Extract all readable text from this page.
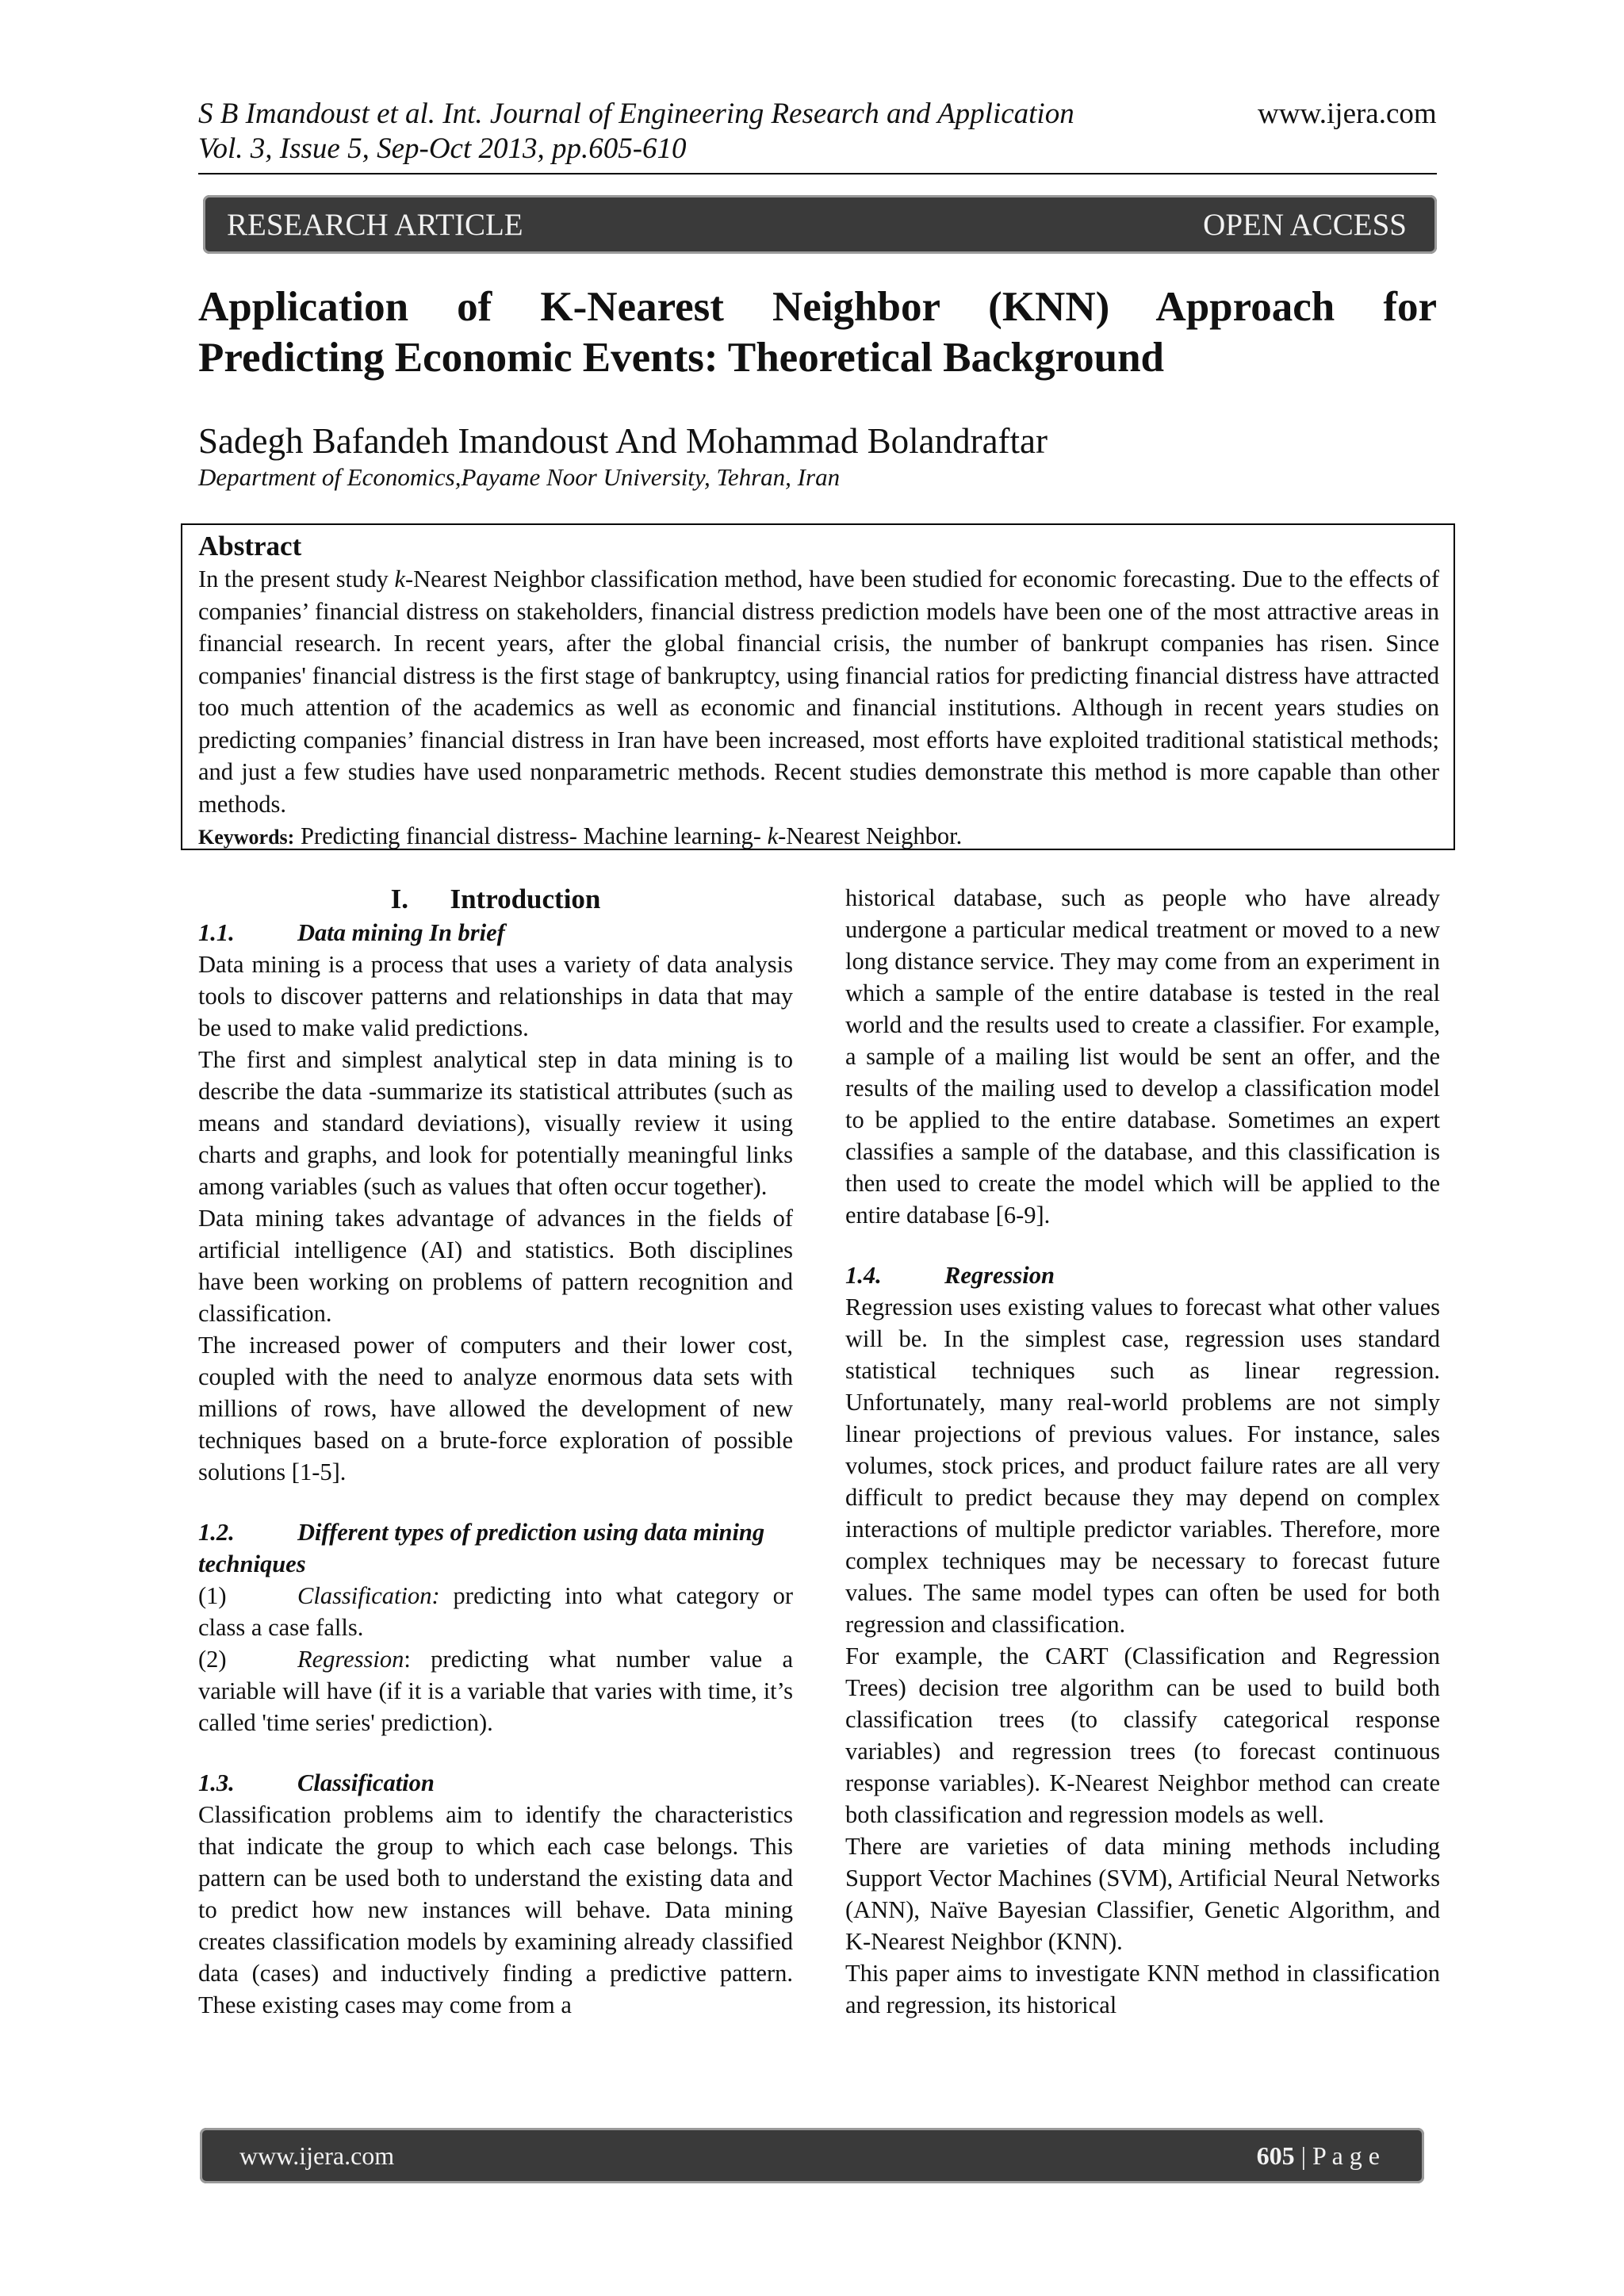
S B Imandoust et al. Int. Journal of Engineering Research and Application
Vol. 3, Issue 5, Sep-Oct 2013, pp.605-610
www.ijera.com
RESEARCH ARTICLE	OPEN ACCESS
Application of K-Nearest Neighbor (KNN) Approach for
Predicting Economic Events: Theoretical Background
Sadegh Bafandeh Imandoust And Mohammad Bolandraftar
Department of Economics,Payame Noor University, Tehran, Iran
Abstract
In the present study k-Nearest Neighbor classification method, have been studied for economic forecasting. Due to the effects of companies’ financial distress on stakeholders, financial distress prediction models have been one of the most attractive areas in financial research. In recent years, after the global financial crisis, the number of bankrupt companies has risen. Since companies' financial distress is the first stage of bankruptcy, using financial ratios for predicting financial distress have attracted too much attention of the academics as well as economic and financial institutions. Although in recent years studies on predicting companies’ financial distress in Iran have been increased, most efforts have exploited traditional statistical methods; and just a few studies have used nonparametric methods. Recent studies demonstrate this method is more capable than other methods.
Keywords: Predicting financial distress- Machine learning- k-Nearest Neighbor.
I.      Introduction
1.1.	Data mining In brief

Data mining is a process that uses a variety of data analysis tools to discover patterns and relationships in data that may be used to make valid predictions.

The first and simplest analytical step in data mining is to describe the data -summarize its statistical attributes (such as means and standard deviations), visually review it using charts and graphs, and look for potentially meaningful links among variables (such as values that often occur together).

Data mining takes advantage of advances in the fields of artificial intelligence (AI) and statistics. Both disciplines have been working on problems of pattern recognition and classification.

The increased power of computers and their lower cost, coupled with the need to analyze enormous data sets with millions of rows, have allowed the development of new techniques based on a brute-force exploration of possible solutions [1-5].

1.2.	Different types of prediction using data mining techniques

(1)	Classification: predicting into what category or class a case falls.

(2)	Regression: predicting what number value a variable will have (if it is a variable that varies with time, it’s called 'time series' prediction).

1.3.	Classification

Classification problems aim to identify the characteristics that indicate the group to which each case belongs. This pattern can be used both to understand the existing data and to predict how new instances will behave. Data mining creates classification models by examining already classified data (cases) and inductively finding a predictive pattern. These existing cases may come from a

historical database, such as people who have already undergone a particular medical treatment or moved to a new long distance service. They may come from an experiment in which a sample of the entire database is tested in the real world and the results used to create a classifier. For example, a sample of a mailing list would be sent an offer, and the results of the mailing used to develop a classification model to be applied to the entire database. Sometimes an expert classifies a sample of the database, and this classification is then used to create the model which will be applied to the entire database [6-9].

1.4.	Regression

Regression uses existing values to forecast what other values will be. In the simplest case, regression uses standard statistical techniques such as linear regression. Unfortunately, many real-world problems are not simply linear projections of previous values. For instance, sales volumes, stock prices, and product failure rates are all very difficult to predict because they may depend on complex interactions of multiple predictor variables. Therefore, more complex techniques may be necessary to forecast future values. The same model types can often be used for both regression and classification.

For example, the CART (Classification and Regression Trees) decision tree algorithm can be used to build both classification trees (to classify categorical response variables) and regression trees (to forecast continuous response variables). K-Nearest Neighbor method can create both classification and regression models as well.

There are varieties of data mining methods including Support Vector Machines (SVM), Artificial Neural Networks (ANN), Naïve Bayesian Classifier, Genetic Algorithm, and K-Nearest Neighbor (KNN).

This paper aims to investigate KNN method in classification and regression, its historical

www.ijera.com	605 | P a g e
